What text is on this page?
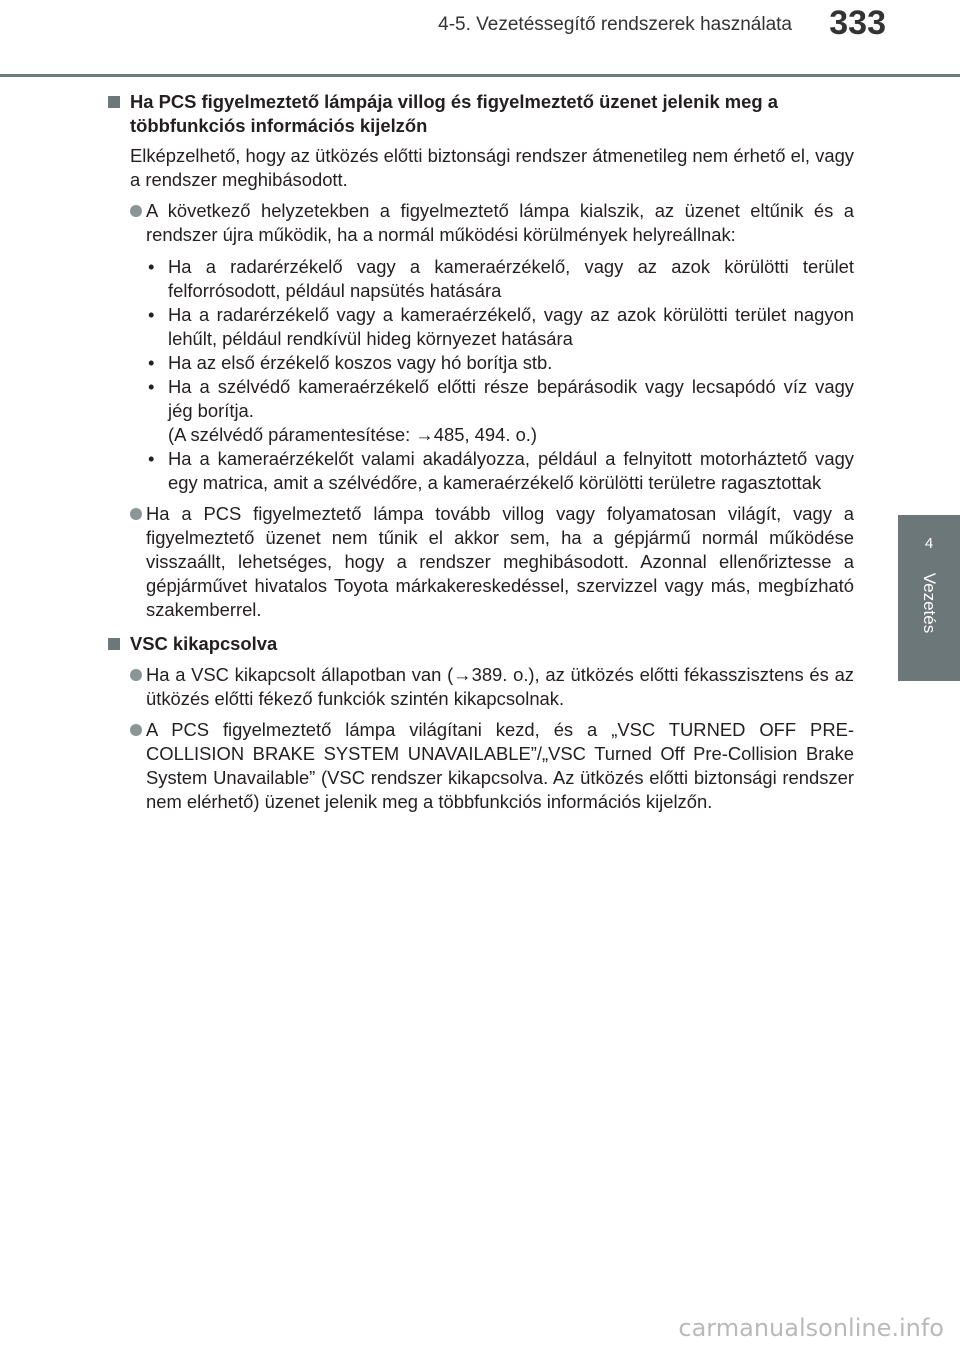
4-5. Vezetéssegítő rendszerek használata 333
4
Vezetés
Ha PCS figyelmeztető lámpája villog és figyelmeztető üzenet jelenik meg a többfunkciós információs kijelzőn
Elképzelhető, hogy az ütközés előtti biztonsági rendszer átmenetileg nem érhető el, vagy a rendszer meghibásodott.
A következő helyzetekben a figyelmeztető lámpa kialszik, az üzenet eltűnik és a rendszer újra működik, ha a normál működési körülmények helyreállnak:
• Ha a radarérzékelő vagy a kameraérzékelő, vagy az azok körülötti terület felforrósodott, például napsütés hatására
• Ha a radarérzékelő vagy a kameraérzékelő, vagy az azok körülötti terület nagyon lehűlt, például rendkívül hideg környezet hatására
• Ha az első érzékelő koszos vagy hó borítja stb.
• Ha a szélvédő kameraérzékelő előtti része bepárásodik vagy lecsapódó víz vagy jég borítja.
(A szélvédő páramentesítése: →485, 494. o.)
• Ha a kameraérzékelőt valami akadályozza, például a felnyitott motorháztető vagy egy matrica, amit a szélvédőre, a kameraérzékelő körülötti területre ragasztottak
Ha a PCS figyelmeztető lámpa tovább villog vagy folyamatosan világít, vagy a figyelmeztető üzenet nem tűnik el akkor sem, ha a gépjármű normál működése visszaállt, lehetséges, hogy a rendszer meghibásodott. Azonnal ellenőriztesse a gépjárművet hivatalos Toyota márkakereskedéssel, szervizzel vagy más, megbízható szakemberrel.
VSC kikapcsolva
Ha a VSC kikapcsolt állapotban van (→389. o.), az ütközés előtti fékasszisztens és az ütközés előtti fékező funkciók szintén kikapcsolnak.
A PCS figyelmeztető lámpa világítani kezd, és a „VSC TURNED OFF PRE-COLLISION BRAKE SYSTEM UNAVAILABLE”/„VSC Turned Off Pre-Collision Brake System Unavailable” (VSC rendszer kikapcsolva. Az ütközés előtti biztonsági rendszer nem elérhető) üzenet jelenik meg a többfunkciós információs kijelzőn.
carmanualsonline.info
